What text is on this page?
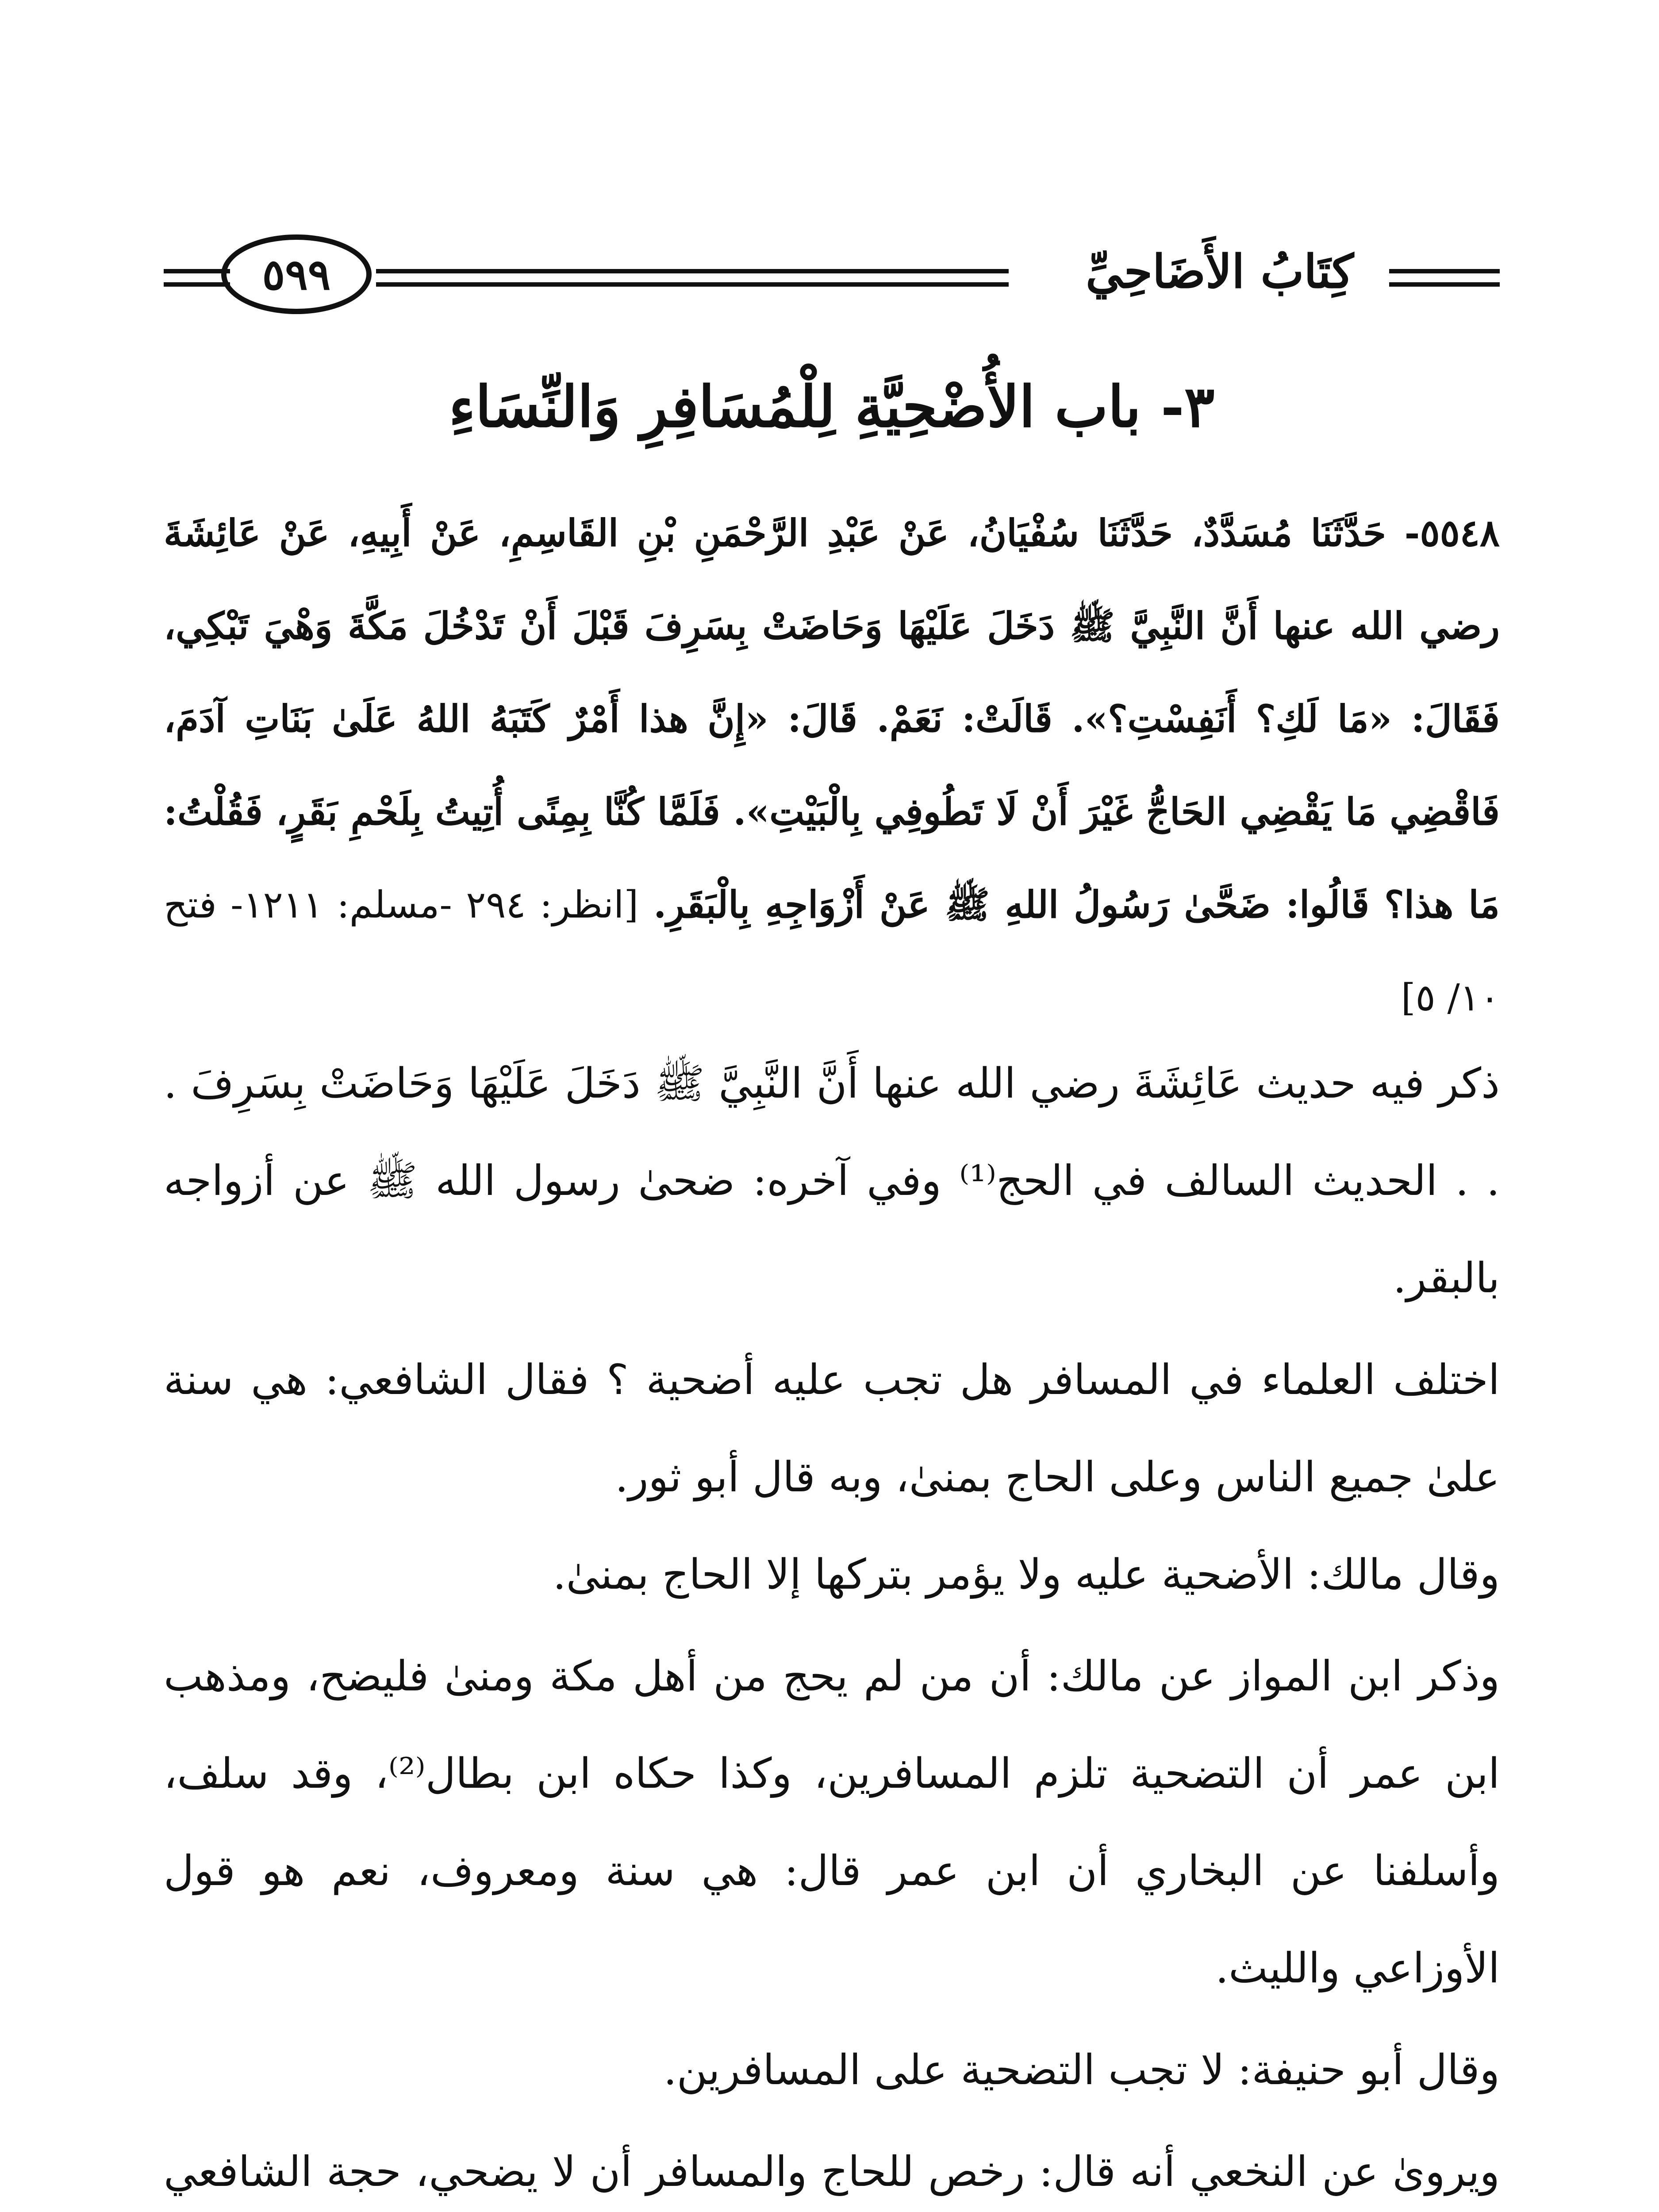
كِتَابُ الأَضَاحِيِّ
٥٩٩
٣- باب الأُضْحِيَّةِ لِلْمُسَافِرِ وَالنِّسَاءِ
٥٥٤٨- حَدَّثَنَا مُسَدَّدٌ، حَدَّثَنَا سُفْيَانُ، عَنْ عَبْدِ الرَّحْمَنِ بْنِ القَاسِمِ، عَنْ أَبِيهِ، عَنْ عَائِشَةَ رضي الله عنها أَنَّ النَّبِيَّ ﷺ دَخَلَ عَلَيْهَا وَحَاضَتْ بِسَرِفَ قَبْلَ أَنْ تَدْخُلَ مَكَّةَ وَهْيَ تَبْكِي، فَقَالَ: «مَا لَكِ؟ أَنَفِسْتِ؟». قَالَتْ: نَعَمْ. قَالَ: «إِنَّ هذا أَمْرٌ كَتَبَهُ اللهُ عَلَىٰ بَنَاتِ آدَمَ، فَاقْضِي مَا يَقْضِي الحَاجُّ غَيْرَ أَنْ لَا تَطُوفِي بِالْبَيْتِ». فَلَمَّا كُنَّا بِمِنًى أُتِيتُ بِلَحْمِ بَقَرٍ، فَقُلْتُ: مَا هذا؟ قَالُوا: ضَحَّىٰ رَسُولُ اللهِ ﷺ عَنْ أَزْوَاجِهِ بِالْبَقَرِ. [انظر: ٢٩٤ -مسلم: ١٢١١- فتح ١٠/ ٥]
ذكر فيه حديث عَائِشَةَ رضي الله عنها أَنَّ النَّبِيَّ ﷺ دَخَلَ عَلَيْهَا وَحَاضَتْ بِسَرِفَ . . . الحديث السالف في الحج⁽¹⁾ وفي آخره: ضحىٰ رسول الله ﷺ عن أزواجه بالبقر.
اختلف العلماء في المسافر هل تجب عليه أضحية ؟ فقال الشافعي: هي سنة علىٰ جميع الناس وعلى الحاج بمنىٰ، وبه قال أبو ثور.
وقال مالك: الأضحية عليه ولا يؤمر بتركها إلا الحاج بمنىٰ.
وذكر ابن المواز عن مالك: أن من لم يحج من أهل مكة ومنىٰ فليضح، ومذهب ابن عمر أن التضحية تلزم المسافرين، وكذا حكاه ابن بطال⁽²⁾، وقد سلف، وأسلفنا عن البخاري أن ابن عمر قال: هي سنة ومعروف، نعم هو قول الأوزاعي والليث.
وقال أبو حنيفة: لا تجب التضحية على المسافرين.
ويروىٰ عن النخعي أنه قال: رخص للحاج والمسافر أن لا يضحي، حجة الشافعي
